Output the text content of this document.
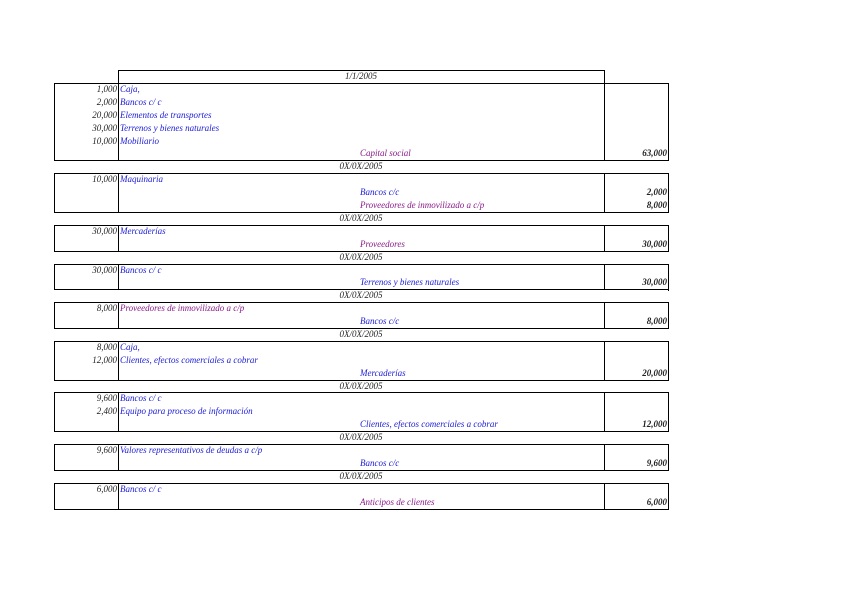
1/1/2005
1,000 Caja,
2,000 Bancos c/ c
20,000 Elementos de transportes
30,000 Terrenos y bienes naturales
10,000 Mobiliario
Capital social	63,000
0X/0X/2005
10,000 Maquinaria
Bancos c/c	2,000
Proveedores de inmovilizado a c/p	8,000
0X/0X/2005
30,000 Mercaderías
Proveedores	30,000
0X/0X/2005
30,000 Bancos c/ c
Terrenos y bienes naturales	30,000
0X/0X/2005
8,000 Proveedores de inmovilizado a c/p
Bancos c/c	8,000
0X/0X/2005
8,000 Caja,
12,000 Clientes, efectos comerciales a cobrar
Mercaderías	20,000
0X/0X/2005
9,600 Bancos c/ c
2,400 Equipo para proceso de información
Clientes, efectos comerciales a cobrar	12,000
0X/0X/2005
9,600 Valores representativos de deudas a c/p
Bancos c/c	9,600
0X/0X/2005
6,000 Bancos c/ c
Anticipos de clientes	6,000
